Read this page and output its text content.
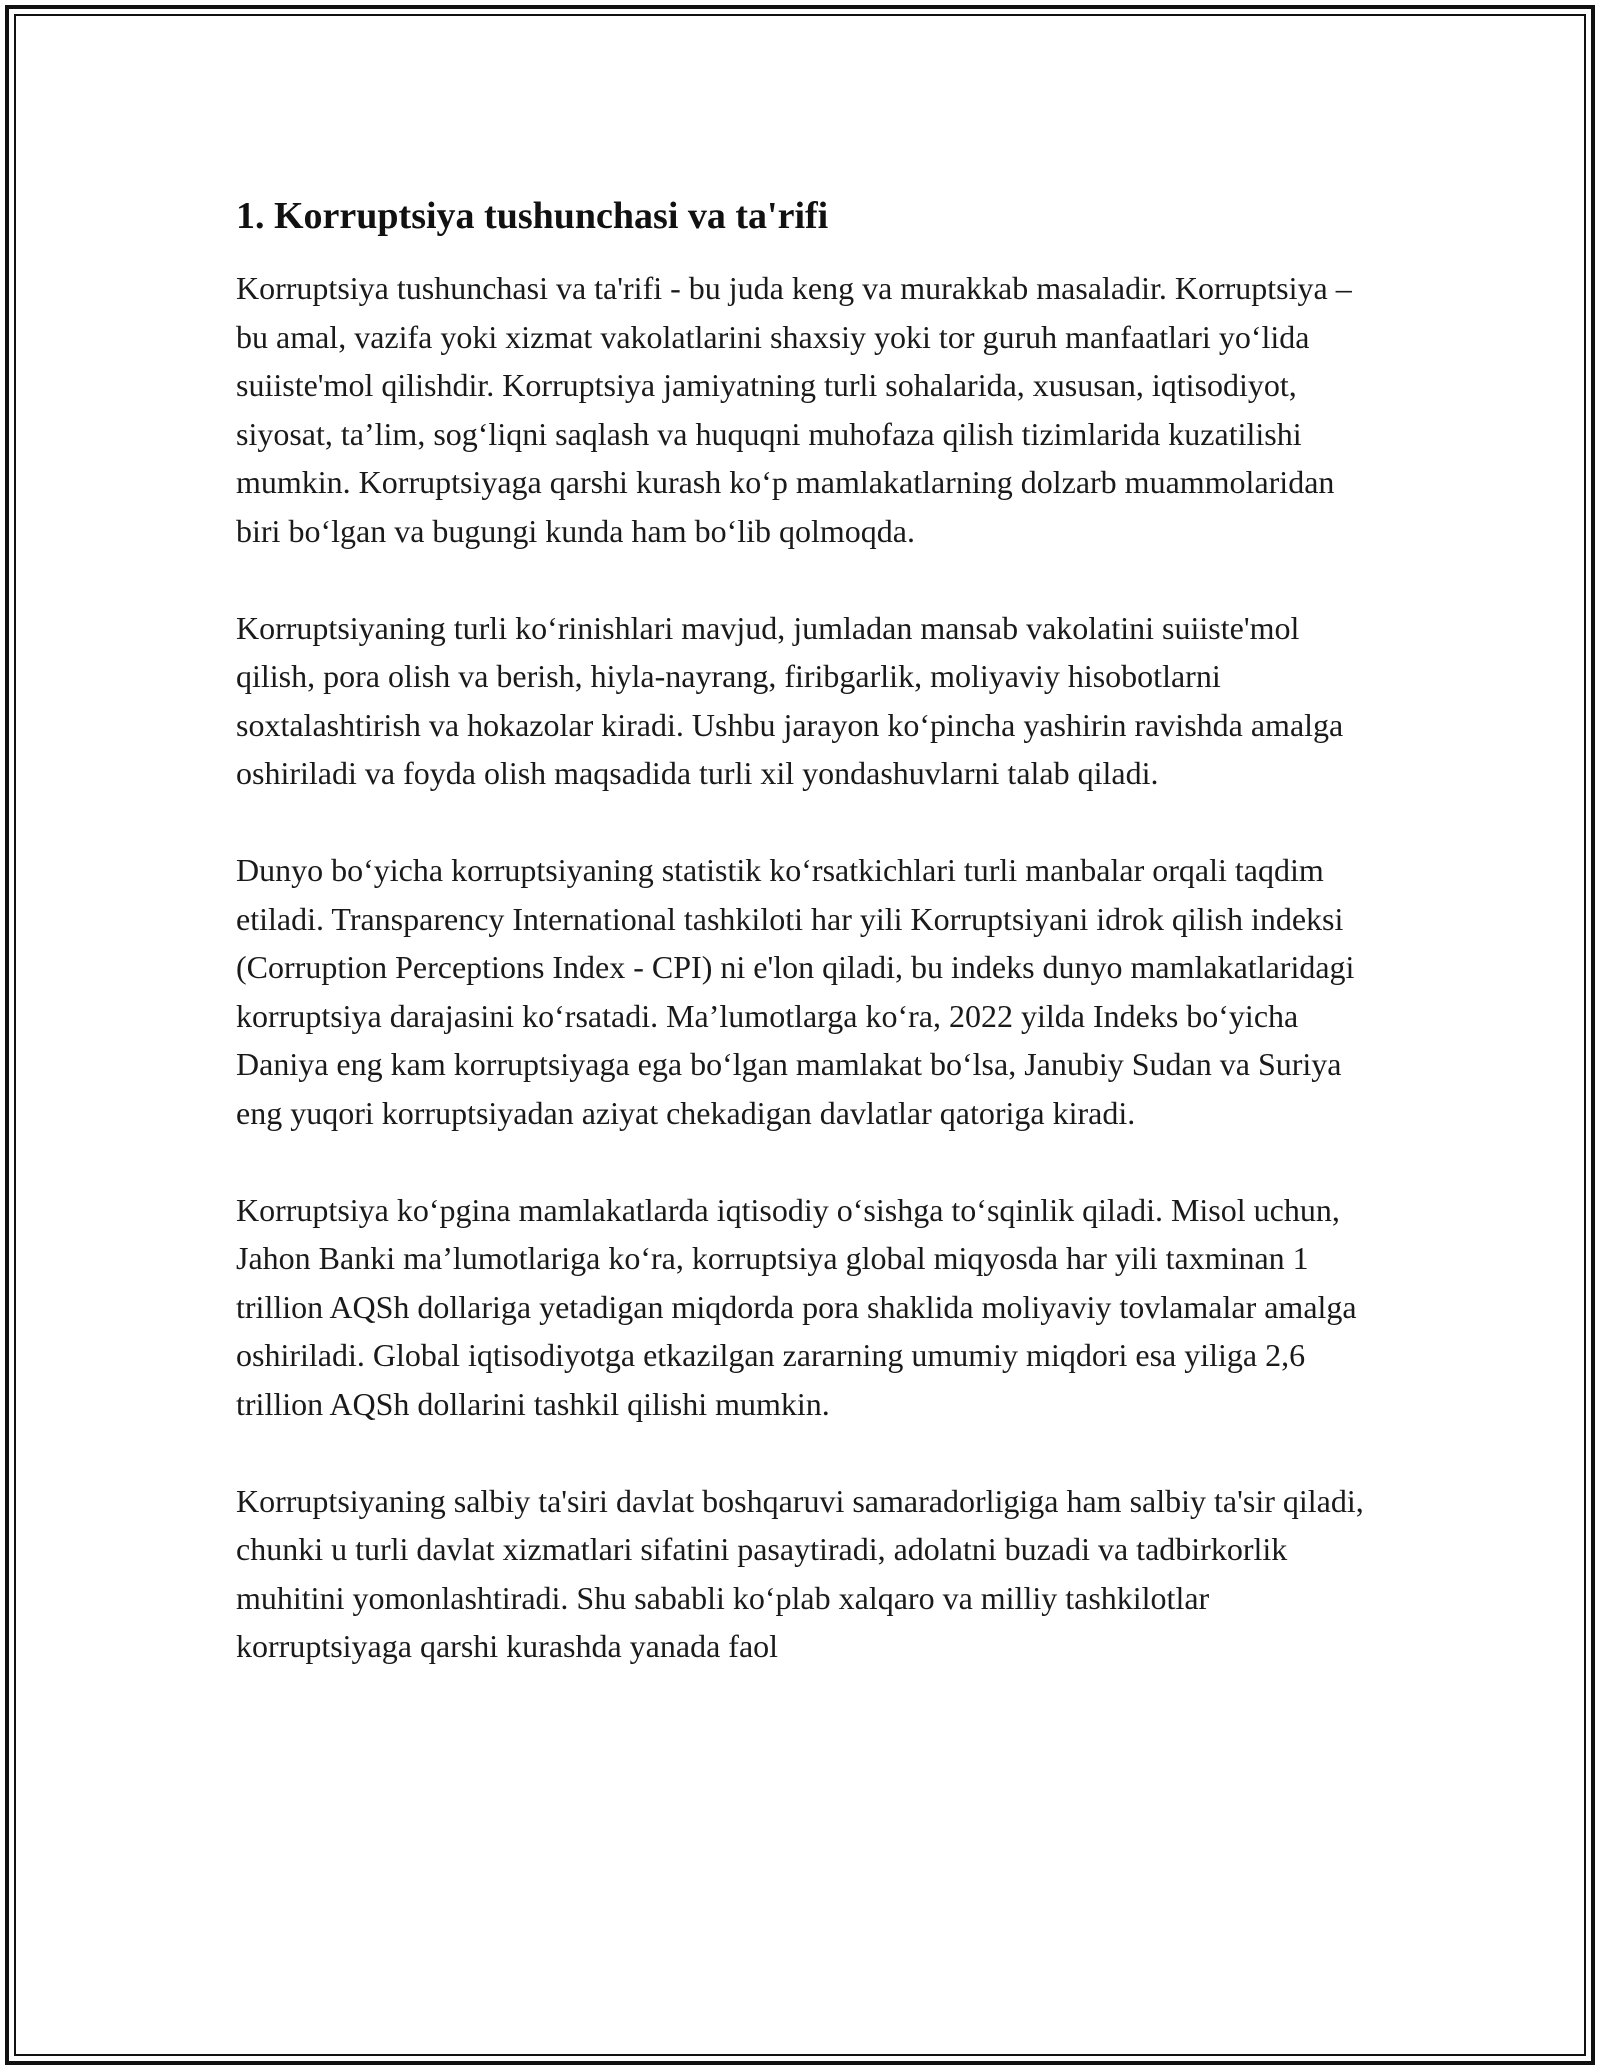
1. Korruptsiya tushunchasi va ta'rifi

Korruptsiya tushunchasi va ta'rifi - bu juda keng va murakkab masaladir. Korruptsiya – bu amal, vazifa yoki xizmat vakolatlarini shaxsiy yoki tor guruh manfaatlari yo‘lida suiiste'mol qilishdir. Korruptsiya jamiyatning turli sohalarida, xususan, iqtisodiyot, siyosat, ta’lim, sog‘liqni saqlash va huquqni muhofaza qilish tizimlarida kuzatilishi mumkin. Korruptsiyaga qarshi kurash ko‘p mamlakatlarning dolzarb muammolaridan biri bo‘lgan va bugungi kunda ham bo‘lib qolmoqda.

Korruptsiyaning turli ko‘rinishlari mavjud, jumladan mansab vakolatini suiiste'mol qilish, pora olish va berish, hiyla-nayrang, firibgarlik, moliyaviy hisobotlarni soxtalashtirish va hokazolar kiradi. Ushbu jarayon ko‘pincha yashirin ravishda amalga oshiriladi va foyda olish maqsadida turli xil yondashuvlarni talab qiladi.

Dunyo bo‘yicha korruptsiyaning statistik ko‘rsatkichlari turli manbalar orqali taqdim etiladi. Transparency International tashkiloti har yili Korruptsiyani idrok qilish indeksi (Corruption Perceptions Index - CPI) ni e'lon qiladi, bu indeks dunyo mamlakatlaridagi korruptsiya darajasini ko‘rsatadi. Ma’lumotlarga ko‘ra, 2022 yilda Indeks bo‘yicha Daniya eng kam korruptsiyaga ega bo‘lgan mamlakat bo‘lsa, Janubiy Sudan va Suriya eng yuqori korruptsiyadan aziyat chekadigan davlatlar qatoriga kiradi.

Korruptsiya ko‘pgina mamlakatlarda iqtisodiy o‘sishga to‘sqinlik qiladi. Misol uchun, Jahon Banki ma’lumotlariga ko‘ra, korruptsiya global miqyosda har yili taxminan 1 trillion AQSh dollariga yetadigan miqdorda pora shaklida moliyaviy tovlamalar amalga oshiriladi. Global iqtisodiyotga etkazilgan zararning umumiy miqdori esa yiliga 2,6 trillion AQSh dollarini tashkil qilishi mumkin.

Korruptsiyaning salbiy ta'siri davlat boshqaruvi samaradorligiga ham salbiy ta'sir qiladi, chunki u turli davlat xizmatlari sifatini pasaytiradi, adolatni buzadi va tadbirkorlik muhitini yomonlashtiradi. Shu sababli ko‘plab xalqaro va milliy tashkilotlar korruptsiyaga qarshi kurashda yanada faol
